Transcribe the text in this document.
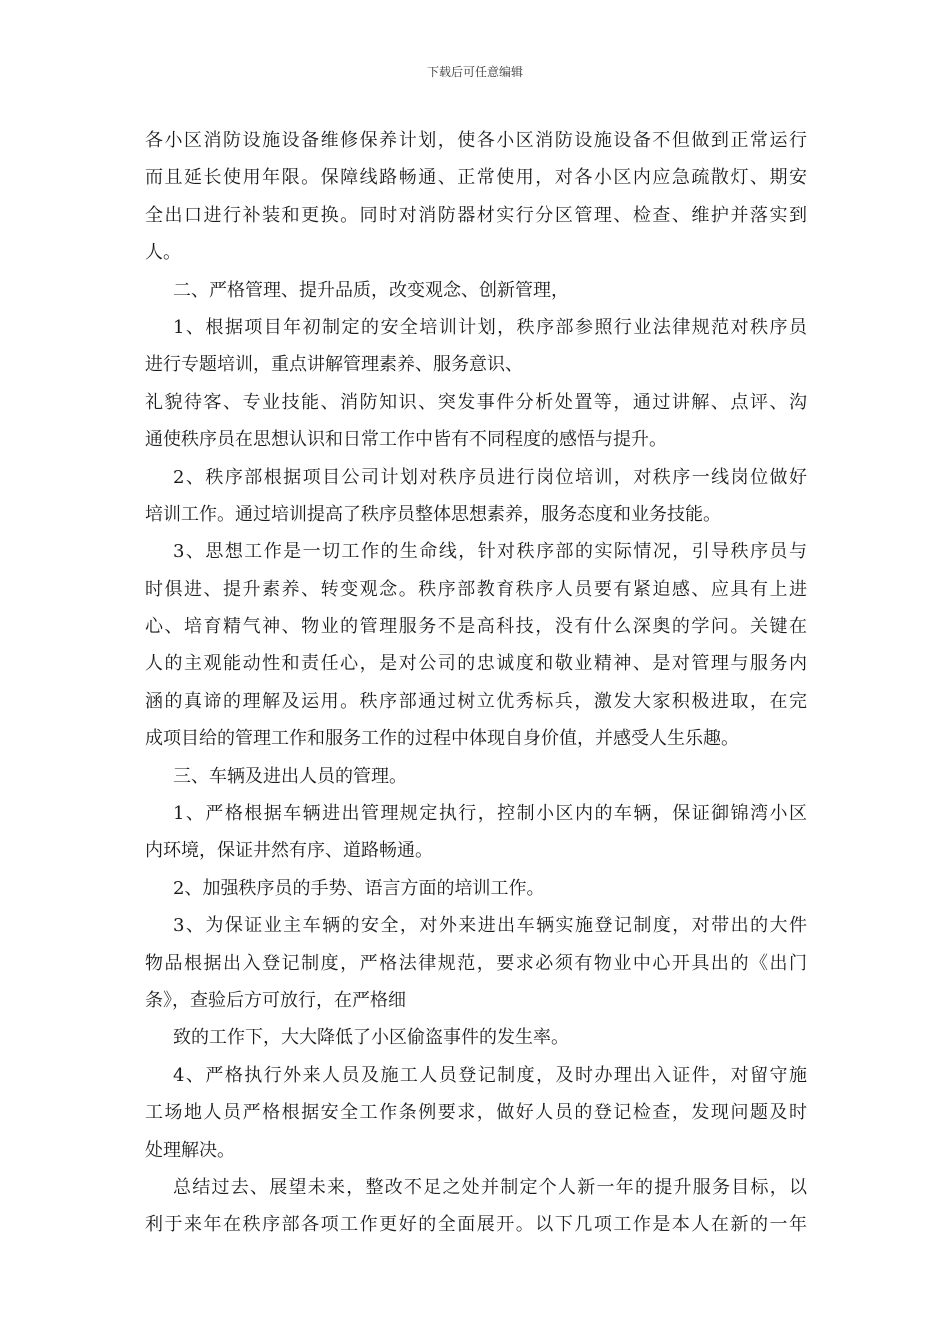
下载后可任意编辑
各小区消防设施设备维修保养计划，使各小区消防设施设备不但做到正常运行
而且延长使用年限。保障线路畅通、正常使用，对各小区内应急疏散灯、期安
全出口进行补装和更换。同时对消防器材实行分区管理、检查、维护并落实到
人。
二、严格管理、提升品质，改变观念、创新管理，
1、根据项目年初制定的安全培训计划，秩序部参照行业法律规范对秩序员
进行专题培训，重点讲解管理素养、服务意识、
礼貌待客、专业技能、消防知识、突发事件分析处置等，通过讲解、点评、沟
通使秩序员在思想认识和日常工作中皆有不同程度的感悟与提升。
2、秩序部根据项目公司计划对秩序员进行岗位培训，对秩序一线岗位做好
培训工作。通过培训提高了秩序员整体思想素养，服务态度和业务技能。
3、思想工作是一切工作的生命线，针对秩序部的实际情况，引导秩序员与
时俱进、提升素养、转变观念。秩序部教育秩序人员要有紧迫感、应具有上进
心、培育精气神、物业的管理服务不是高科技，没有什么深奥的学问。关键在
人的主观能动性和责任心，是对公司的忠诚度和敬业精神、是对管理与服务内
涵的真谛的理解及运用。秩序部通过树立优秀标兵，激发大家积极进取，在完
成项目给的管理工作和服务工作的过程中体现自身价值，并感受人生乐趣。
三、车辆及进出人员的管理。
1、严格根据车辆进出管理规定执行，控制小区内的车辆，保证御锦湾小区
内环境，保证井然有序、道路畅通。
2、加强秩序员的手势、语言方面的培训工作。
3、为保证业主车辆的安全，对外来进出车辆实施登记制度，对带出的大件
物品根据出入登记制度，严格法律规范，要求必须有物业中心开具出的《出门
条》，查验后方可放行，在严格细
致的工作下，大大降低了小区偷盗事件的发生率。
4、严格执行外来人员及施工人员登记制度，及时办理出入证件，对留守施
工场地人员严格根据安全工作条例要求，做好人员的登记检查，发现问题及时
处理解决。
总结过去、展望未来，整改不足之处并制定个人新一年的提升服务目标，以
利于来年在秩序部各项工作更好的全面展开。以下几项工作是本人在新的一年
